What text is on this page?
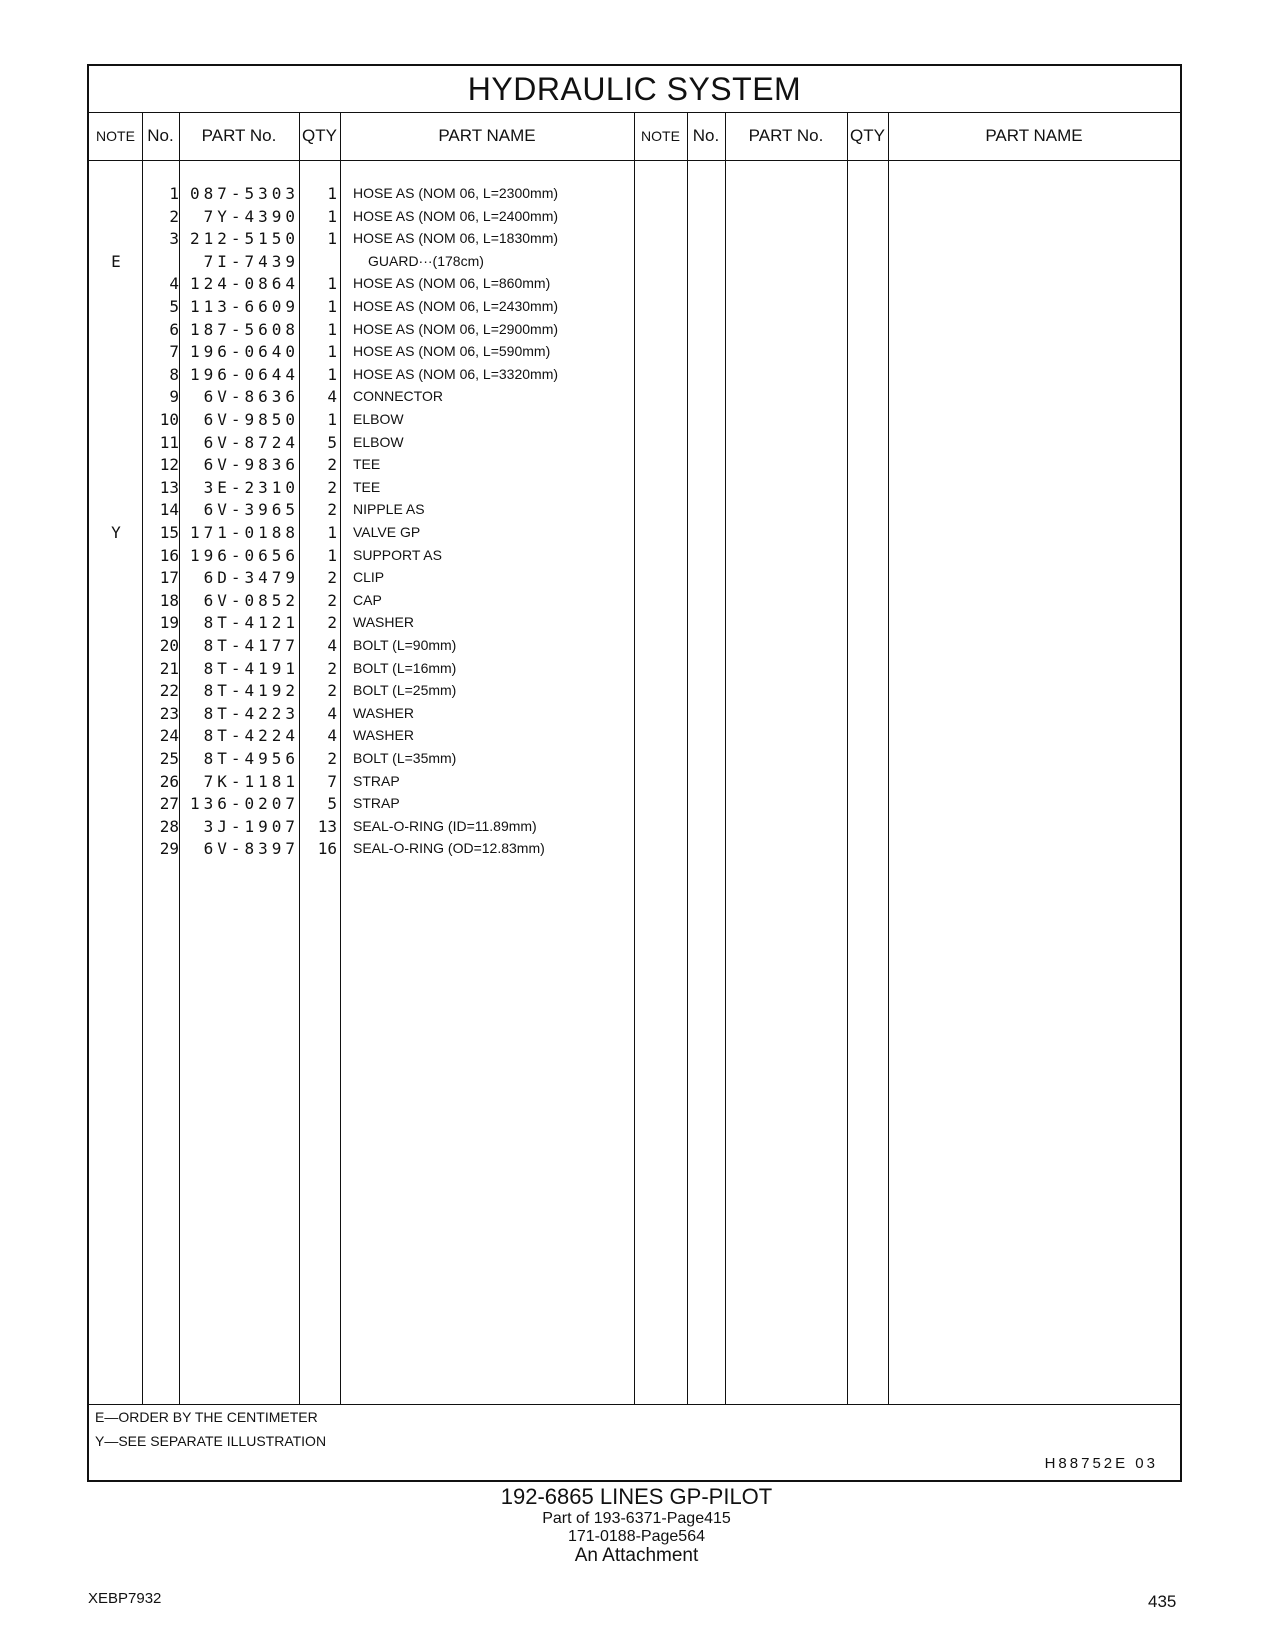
HYDRAULIC SYSTEM
NOTE No.	PART No.	QTY	PART NAME	NOTE No.	PART No.	QTY	PART NAME
1 087-5303	1 HOSE AS (NOM 06, L=2300mm)
2	7Y-4390	1 HOSE AS (NOM 06, L=2400mm)
3 212-5150	1 HOSE AS (NOM 06, L=1830mm)
E	7I-7439	GUARD···(178cm)
4 124-0864	1 HOSE AS (NOM 06, L=860mm)
5 113-6609	1 HOSE AS (NOM 06, L=2430mm)
6 187-5608	1 HOSE AS (NOM 06, L=2900mm)
7 196-0640	1 HOSE AS (NOM 06, L=590mm)
8 196-0644	1 HOSE AS (NOM 06, L=3320mm)
9	6V-8636	4 CONNECTOR
10	6V-9850	1 ELBOW
11	6V-8724	5 ELBOW
12	6V-9836	2 TEE
13	3E-2310	2 TEE
14	6V-3965	2 NIPPLE AS
Y	15 171-0188	1 VALVE GP
16 196-0656	1 SUPPORT AS
17	6D-3479	2 CLIP
18	6V-0852	2 CAP
19	8T-4121	2 WASHER
20	8T-4177	4 BOLT (L=90mm)
21	8T-4191	2 BOLT (L=16mm)
22	8T-4192	2 BOLT (L=25mm)
23	8T-4223	4 WASHER
24	8T-4224	4 WASHER
25	8T-4956	2 BOLT (L=35mm)
26	7K-1181	7 STRAP
27 136-0207	5 STRAP
28	3J-1907	13 SEAL-O-RING (ID=11.89mm)
29	6V-8397	16 SEAL-O-RING (OD=12.83mm)
E—ORDER BY THE CENTIMETER
Y—SEE SEPARATE ILLUSTRATION
H88752E 03
192-6865 LINES GP-PILOT
Part of 193-6371-Page415
171-0188-Page564
An Attachment
XEBP7932	435
